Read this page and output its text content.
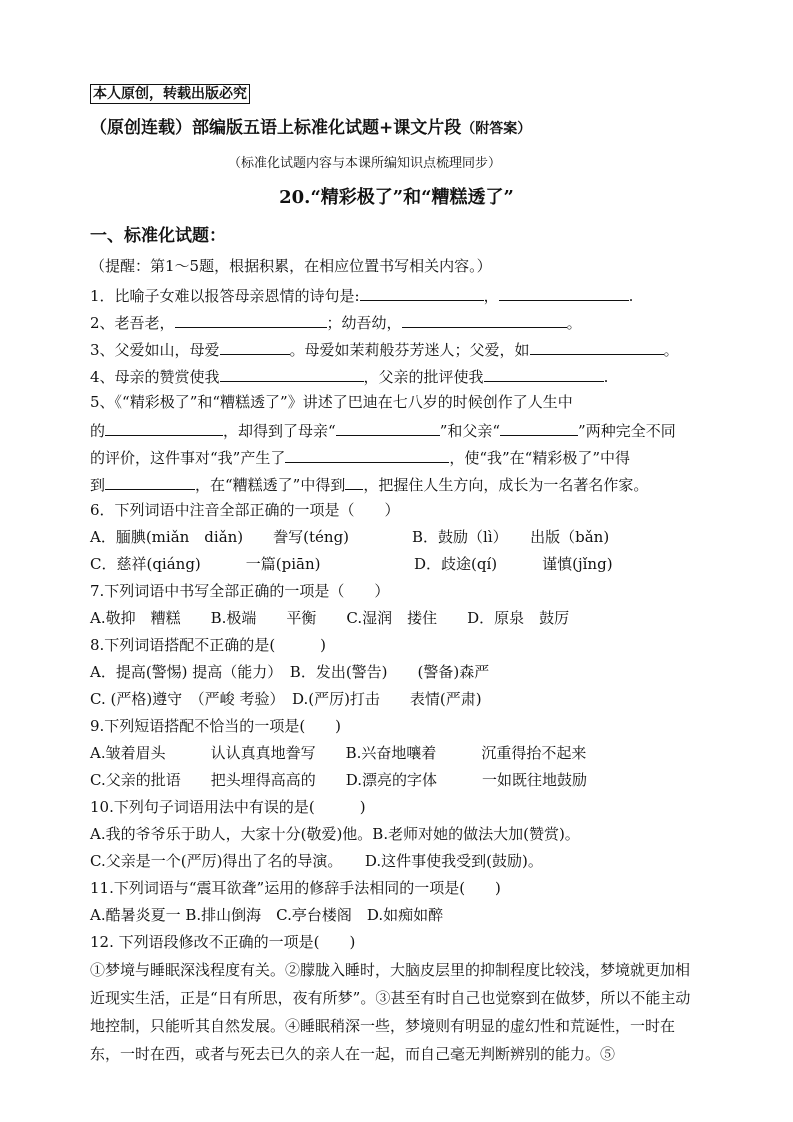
本人原创，转载出版必究
（原创连载）部编版五语上标准化试题+课文片段（附答案）
（标准化试题内容与本课所编知识点梳理同步）
20.“精彩极了”和“糟糕透了”
一、标准化试题：
（提醒：第1～5题，根据积累，在相应位置书写相关内容。）
1．比喻子女难以报答母亲恩情的诗句是:	，	.
2、老吾老，	；幼吾幼，	。
3、父爱如山，母爱	。母爱如茉莉般芬芳迷人；父爱，如	。
4、母亲的赞赏使我	，父亲的批评使我	.
5、《“精彩极了”和“糟糕透了”》讲述了巴迪在七八岁的时候创作了人生中
的	，却得到了母亲“	”和父亲“	”两种完全不同
的评价，这件事对“我”产生了	，使“我”在“精彩极了”中得
到	，在“糟糕透了”中得到 ，把握住人生方向，成长为一名著名作家。
6．下列词语中注音全部正确的一项是（　　）
A．腼腆(miǎn　diǎn)　　誊写(téng)	B．鼓励（lì）　　出版（bǎn)
C．慈祥(qiáng)　　　一篇(piān)	D．歧途(qí)　　　谨慎(jǐng)
7.下列词语中书写全部正确的一项是（　　）
A.敬抑　糟糕　　B.极端　　平衡　　C.湿润　搂住　　D．原泉　鼓厉
8.下列词语搭配不正确的是(　　　)
A．提高(警惕) 提高（能力）　B．发出(警告)　　(警备)森严
C. (严格)遵守　（严峻 考验）　D.(严厉)打击　　表情(严肃)
9.下列短语搭配不恰当的一项是(　　)
A.皱着眉头　　　认认真真地誊写　　B.兴奋地嚷着　　　沉重得抬不起来
C.父亲的批语　　把头埋得高高的　　D.漂亮的字体　　　一如既往地鼓励
10.下列句子词语用法中有误的是(　　　)
A.我的爷爷乐于助人，大家十分(敬爱)他。B.老师对她的做法大加(赞赏)。
C.父亲是一个(严厉)得出了名的导演。　　D.这件事使我受到(鼓励)。
11.下列词语与“震耳欲聋”运用的修辞手法相同的一项是(　　)
A.酷暑炎夏一 B.排山倒海　C.亭台楼阁　D.如痴如醉
12. 下列语段修改不正确的一项是(　　)
①梦境与睡眠深浅程度有关。②朦胧入睡时，大脑皮层里的抑制程度比较浅，梦境就更加相近现实生活，正是“日有所思，夜有所梦”。③甚至有时自己也觉察到在做梦，所以不能主动地控制，只能听其自然发展。④睡眠稍深一些，梦境则有明显的虚幻性和荒诞性，一时在东，一时在西，或者与死去已久的亲人在一起，而自己毫无判断辨别的能力。⑤
